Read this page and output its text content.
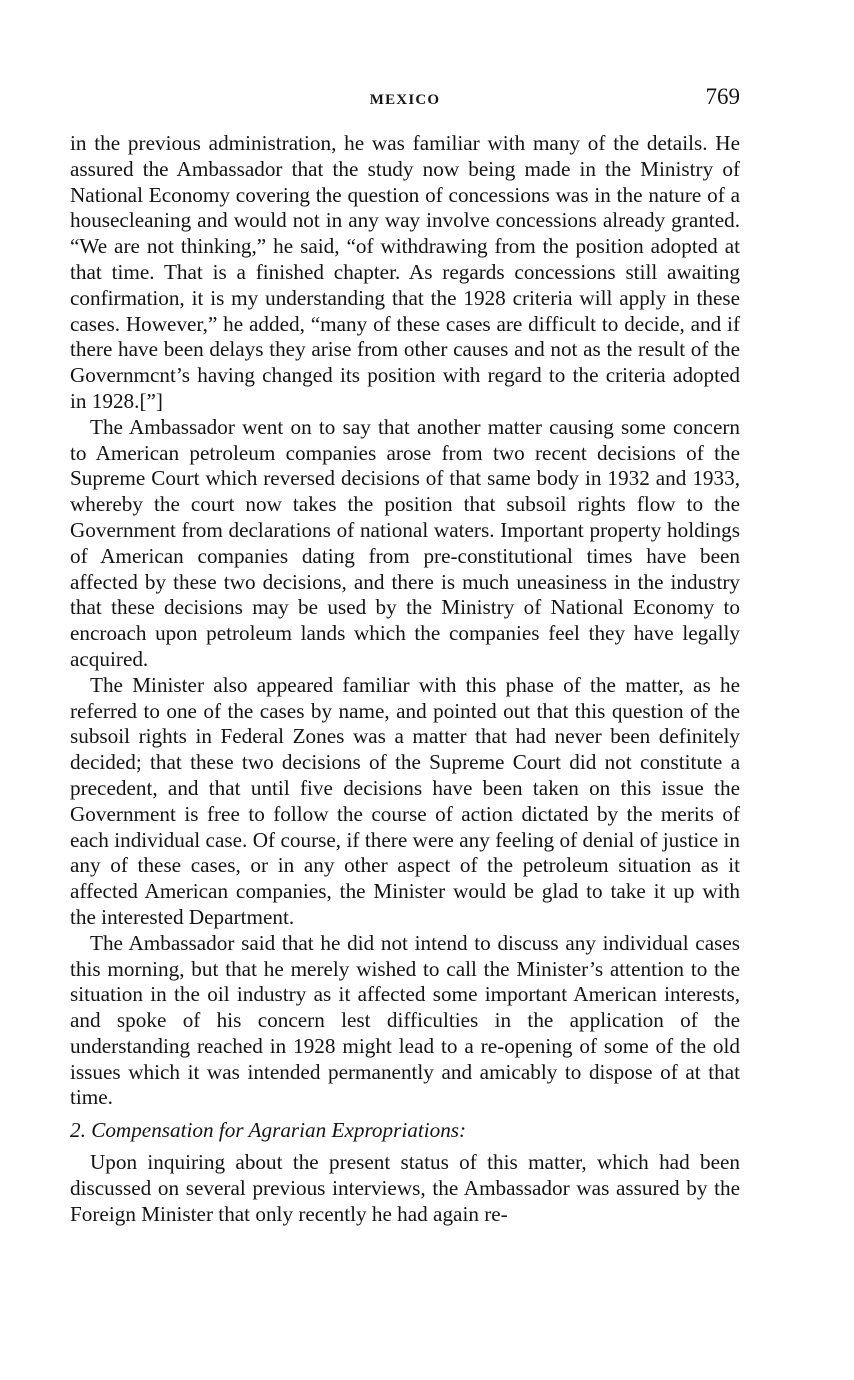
MEXICO	769

in the previous administration, he was familiar with many of the details. He assured the Ambassador that the study now being made in the Ministry of National Economy covering the question of concessions was in the nature of a housecleaning and would not in any way involve concessions already granted. “We are not thinking,” he said, “of withdrawing from the position adopted at that time. That is a finished chapter. As regards concessions still awaiting confirmation, it is my understanding that the 1928 criteria will apply in these cases. However,” he added, “many of these cases are difficult to decide, and if there have been delays they arise from other causes and not as the result of the Governmcnt’s having changed its position with regard to the criteria adopted in 1928.[”]

The Ambassador went on to say that another matter causing some concern to American petroleum companies arose from two recent decisions of the Supreme Court which reversed decisions of that same body in 1932 and 1933, whereby the court now takes the position that subsoil rights flow to the Government from declarations of national waters. Important property holdings of American companies dating from pre-constitutional times have been affected by these two decisions, and there is much uneasiness in the industry that these decisions may be used by the Ministry of National Economy to encroach upon petroleum lands which the companies feel they have legally acquired.

The Minister also appeared familiar with this phase of the matter, as he referred to one of the cases by name, and pointed out that this question of the subsoil rights in Federal Zones was a matter that had never been definitely decided; that these two decisions of the Supreme Court did not constitute a precedent, and that until five decisions have been taken on this issue the Government is free to follow the course of action dictated by the merits of each individual case. Of course, if there were any feeling of denial of justice in any of these cases, or in any other aspect of the petroleum situation as it affected American companies, the Minister would be glad to take it up with the interested Department.

The Ambassador said that he did not intend to discuss any individual cases this morning, but that he merely wished to call the Minister’s attention to the situation in the oil industry as it affected some important American interests, and spoke of his concern lest difficulties in the application of the understanding reached in 1928 might lead to a re-opening of some of the old issues which it was intended permanently and amicably to dispose of at that time.

2. Compensation for Agrarian Expropriations:

Upon inquiring about the present status of this matter, which had been discussed on several previous interviews, the Ambassador was assured by the Foreign Minister that only recently he had again re-
